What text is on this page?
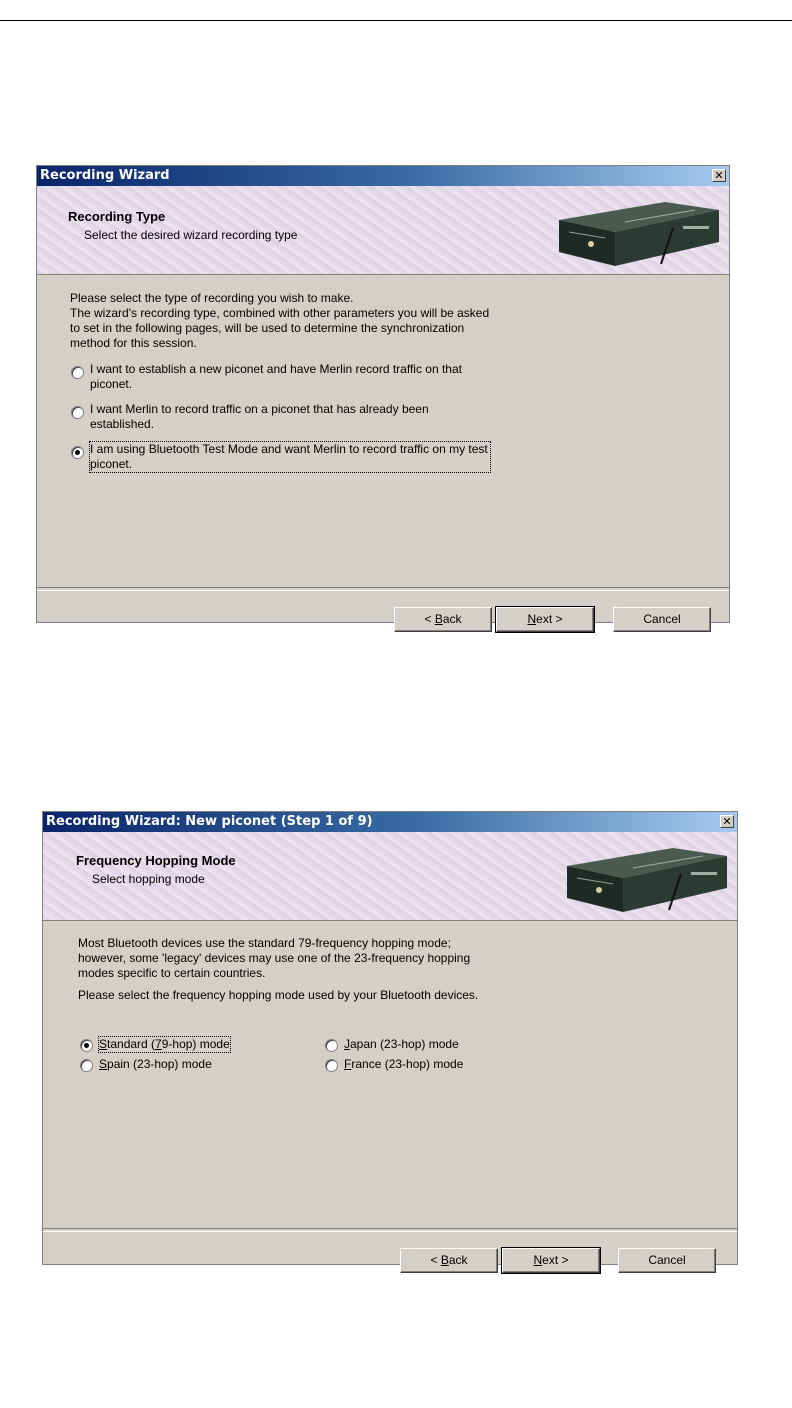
Recording Wizard	✕
Recording Type
Select the desired wizard recording type
Please select the type of recording you wish to make.
The wizard's recording type, combined with other parameters you will be asked
to set in the following pages, will be used to determine the synchronization
method for this session.
I want to establish a new piconet and have Merlin record traffic on that
piconet.
I want Merlin to record traffic on a piconet that has already been
established.
I am using Bluetooth Test Mode and want Merlin to record traffic on my test
piconet.
< Back	Next >	Cancel
Recording Wizard: New piconet (Step 1 of 9)	✕
Frequency Hopping Mode
Select hopping mode
Most Bluetooth devices use the standard 79-frequency hopping mode;
however, some 'legacy' devices may use one of the 23-frequency hopping
modes specific to certain countries.
Please select the frequency hopping mode used by your Bluetooth devices.
Standard (79-hop) mode	Japan (23-hop) mode
Spain (23-hop) mode	France (23-hop) mode
< Back	Next >	Cancel
